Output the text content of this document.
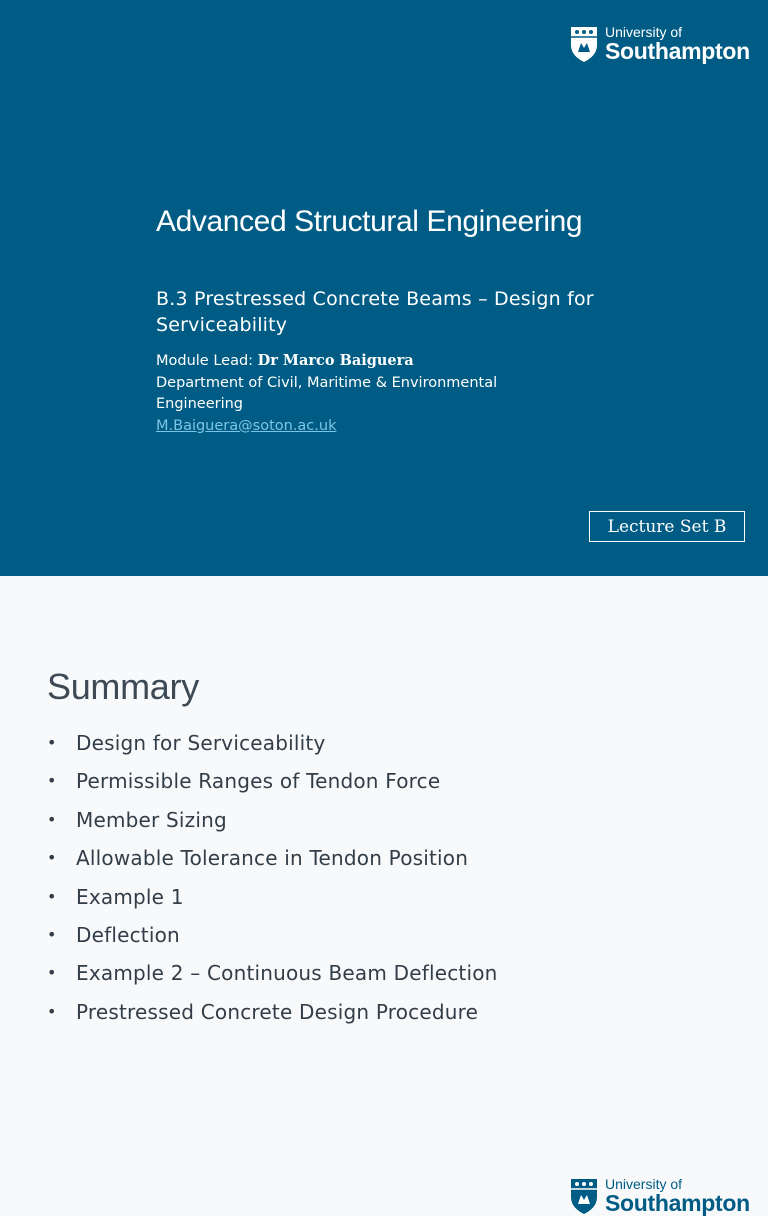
University of
Southampton
Advanced Structural Engineering

B.3 Prestressed Concrete Beams – Design for Serviceability

Module Lead: Dr Marco Baiguera
Department of Civil, Maritime & Environmental Engineering
M.Baiguera@soton.ac.uk
Lecture Set B
University of
Southampton
Summary
• Design for Serviceability
• Permissible Ranges of Tendon Force
• Member Sizing
• Allowable Tolerance in Tendon Position
• Example 1
• Deflection
• Example 2 – Continuous Beam Deflection
• Prestressed Concrete Design Procedure
